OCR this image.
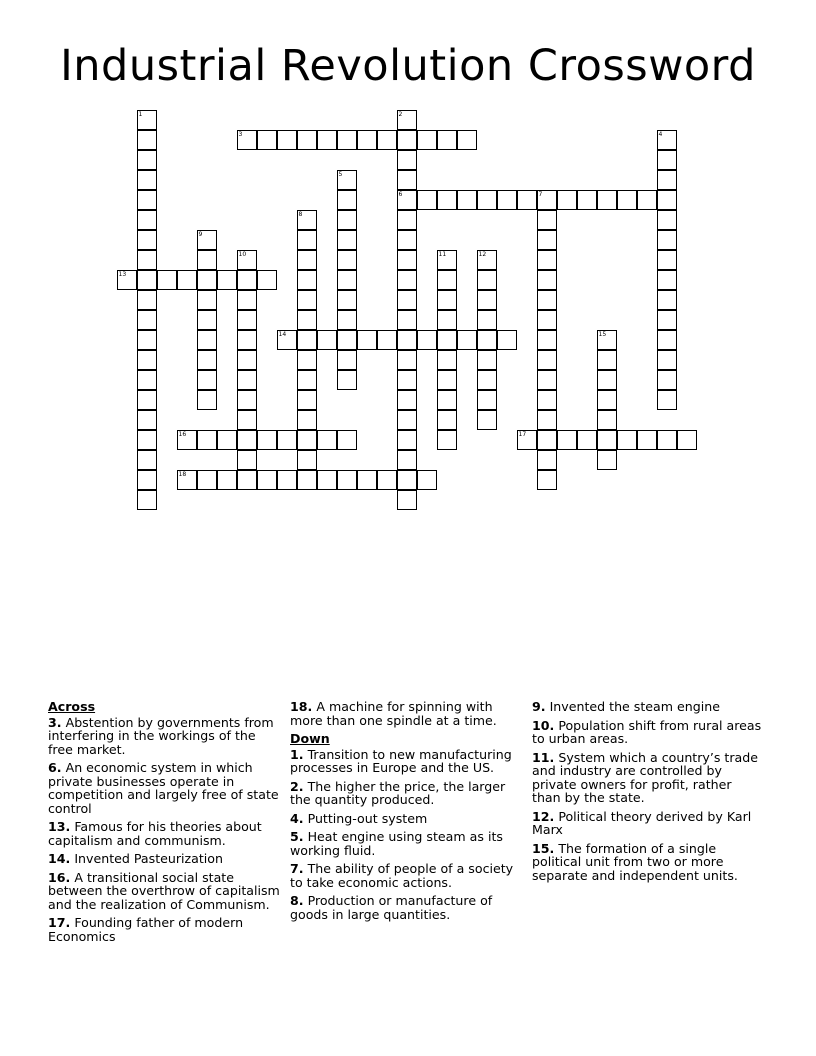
Industrial Revolution Crossword
1	2
3	4
5
6	7
8
9
10	11	12
13
14	15
16	17
18
Across
3. Abstention by governments from interfering in the workings of the free market.
6. An economic system in which private businesses operate in competition and largely free of state control
13. Famous for his theories about capitalism and communism.
14. Invented Pasteurization
16. A transitional social state between the overthrow of capitalism and the realization of Communism.
17. Founding father of modern Economics
18. A machine for spinning with more than one spindle at a time.
Down
1. Transition to new manufacturing processes in Europe and the US.
2. The higher the price, the larger the quantity produced.
4. Putting-out system
5. Heat engine using steam as its working fluid.
7. The ability of people of a society to take economic actions.
8. Production or manufacture of goods in large quantities.
9. Invented the steam engine
10. Population shift from rural areas to urban areas.
11. System which a country’s trade and industry are controlled by private owners for profit, rather than by the state.
12. Political theory derived by Karl Marx
15. The formation of a single political unit from two or more separate and independent units.
